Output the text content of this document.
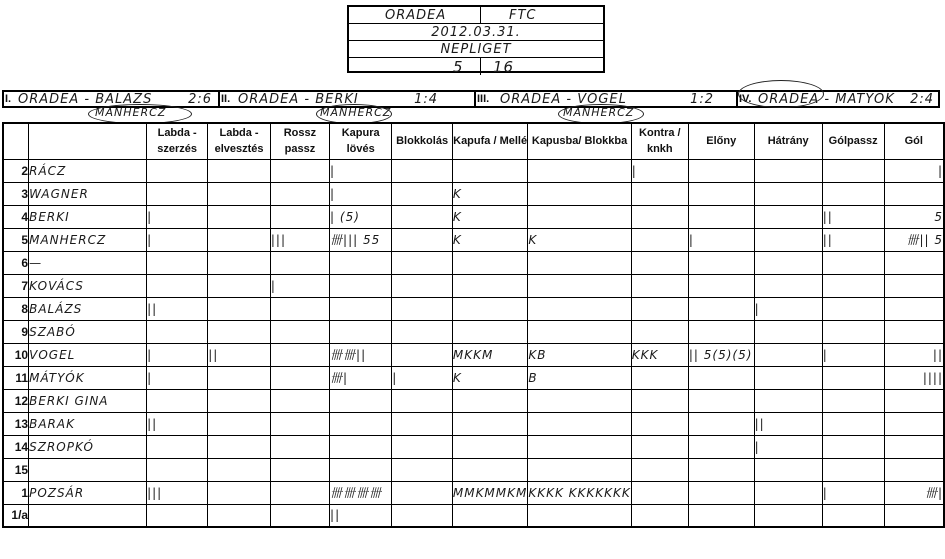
ORADEA	FTC
2012.03.31.
NEPLIGET
5 16
I. ORADEA - BALAZS	2:6 II. ORADEA - BERKI	1:4	III. ORADEA - VOGEL	1:2 IV. ORADEA - MATYOK 2:4
MANHERCZ	MANHERCZ	MANHERCZ
		Labda - szerzés	Labda - elvesztés	Rossz passz	Kapura lövés	Blokkolás	Kapufa / Mellé	Kapusba/ Blokkba	Kontra / knkh	Előny	Hátrány	Gólpassz	Gól
2	RÁCZ				|				|				|
3	WAGNER				|		K						
4	BERKI	|			| (5)		K					||	5
5	MANHERCZ	|		|||	卌||| 55		K	K		|		||	卌|| 5
6	—												
7	KOVÁCS			|									
8	BALÁZS	||									|		
9	SZABÓ												
10	VOGEL	|	||		卌卌||		MKKM	KB	KKK	|| 5(5)(5)		|	||
11	MÁTYÓK	|			卌|	|	K	B					||||
12	BERKI GINA												
13	BARAK	||									||		
14	SZROPKÓ										|		
15													
1	POZSÁR	|||			卌卌卌卌		MMKMMKM	KKKK KKKKKKK				|	卌|
1/a					||								
